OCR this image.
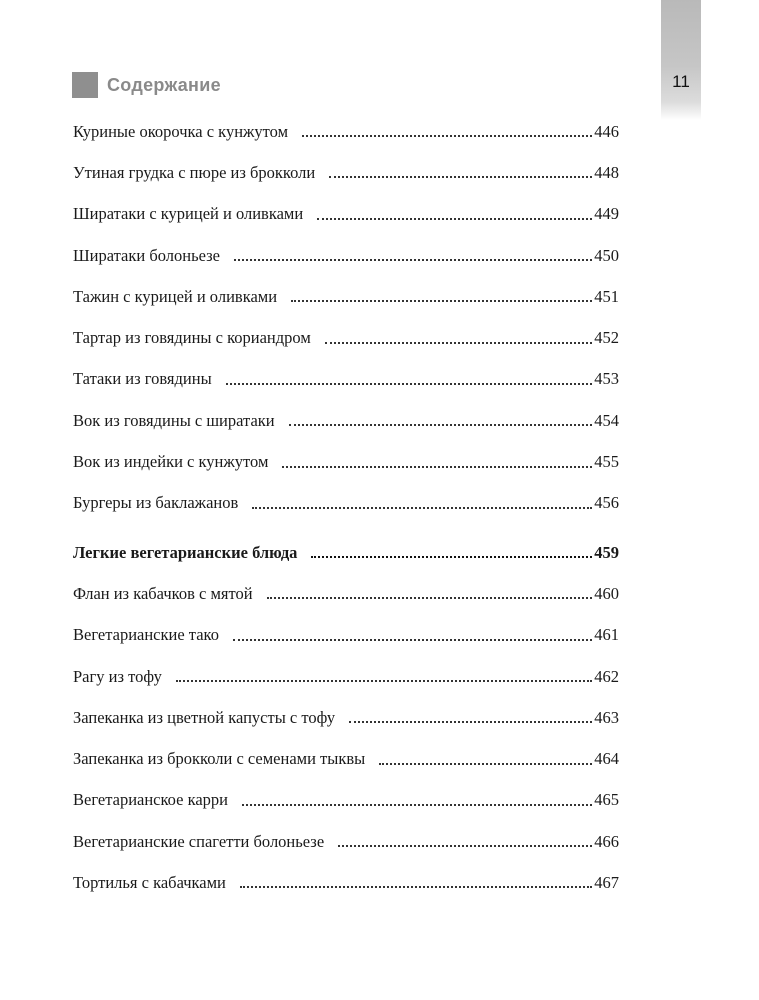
11
Содержание
Куриные окорочка с кунжутом	446
Утиная грудка с пюре из брокколи	448
Ширатаки с курицей и оливками	449
Ширатаки болоньезе	450
Тажин с курицей и оливками	451
Тартар из говядины с кориандром	452
Татаки из говядины	453
Вок из говядины с ширатаки	454
Вок из индейки с кунжутом	455
Бургеры из баклажанов	456
Легкие вегетарианские блюда	459
Флан из кабачков с мятой	460
Вегетарианские тако	461
Рагу из тофу	462
Запеканка из цветной капусты с тофу	463
Запеканка из брокколи с семенами тыквы	464
Вегетарианское карри	465
Вегетарианские спагетти болоньезе	466
Тортилья с кабачками	467
